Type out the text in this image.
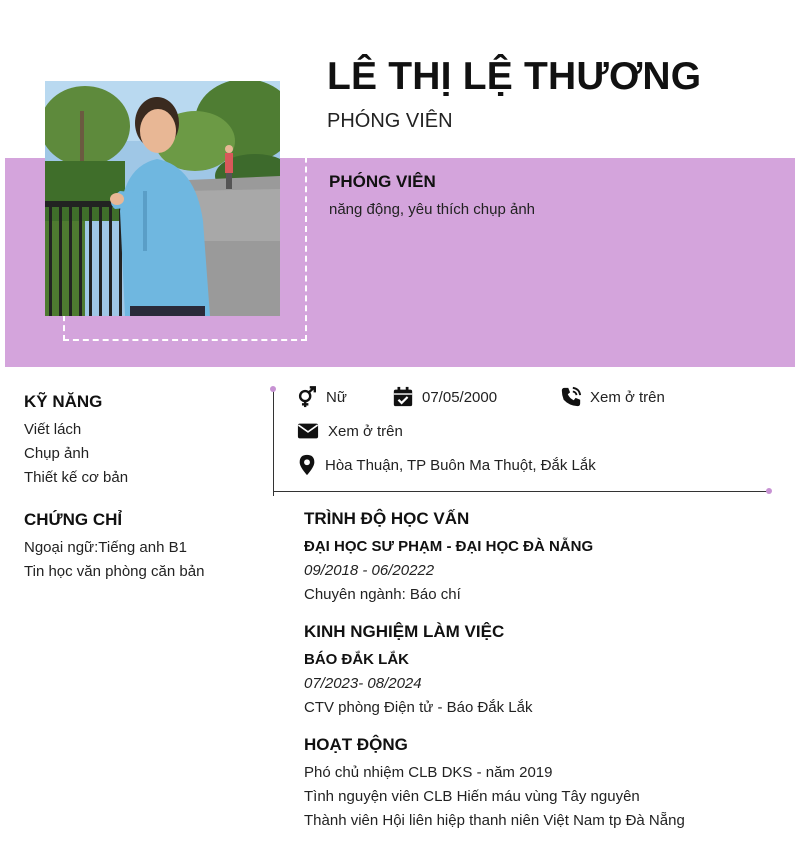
LÊ THỊ LỆ THƯƠNG
PHÓNG VIÊN
PHÓNG VIÊN
năng động, yêu thích chụp ảnh
Nữ	07/05/2000	Xem ở trên
Xem ở trên
Hòa Thuận, TP Buôn Ma Thuột, Đắk Lắk
KỸ NĂNG
Viết lách
Chụp ảnh
Thiết kế cơ bản
CHỨNG CHỈ
Ngoại ngữ:Tiếng anh B1
Tin học văn phòng căn bản
TRÌNH ĐỘ HỌC VẤN
ĐẠI HỌC SƯ PHẠM - ĐẠI HỌC ĐÀ NẴNG
09/2018 - 06/20222
Chuyên ngành: Báo chí
KINH NGHIỆM LÀM VIỆC
BÁO ĐẮK LẮK
07/2023- 08/2024
CTV phòng Điện tử - Báo Đắk Lắk
HOẠT ĐỘNG
Phó chủ nhiệm CLB DKS - năm 2019
Tình nguyện viên CLB Hiến máu vùng Tây nguyên
Thành viên Hội liên hiệp thanh niên Việt Nam tp Đà Nẵng
